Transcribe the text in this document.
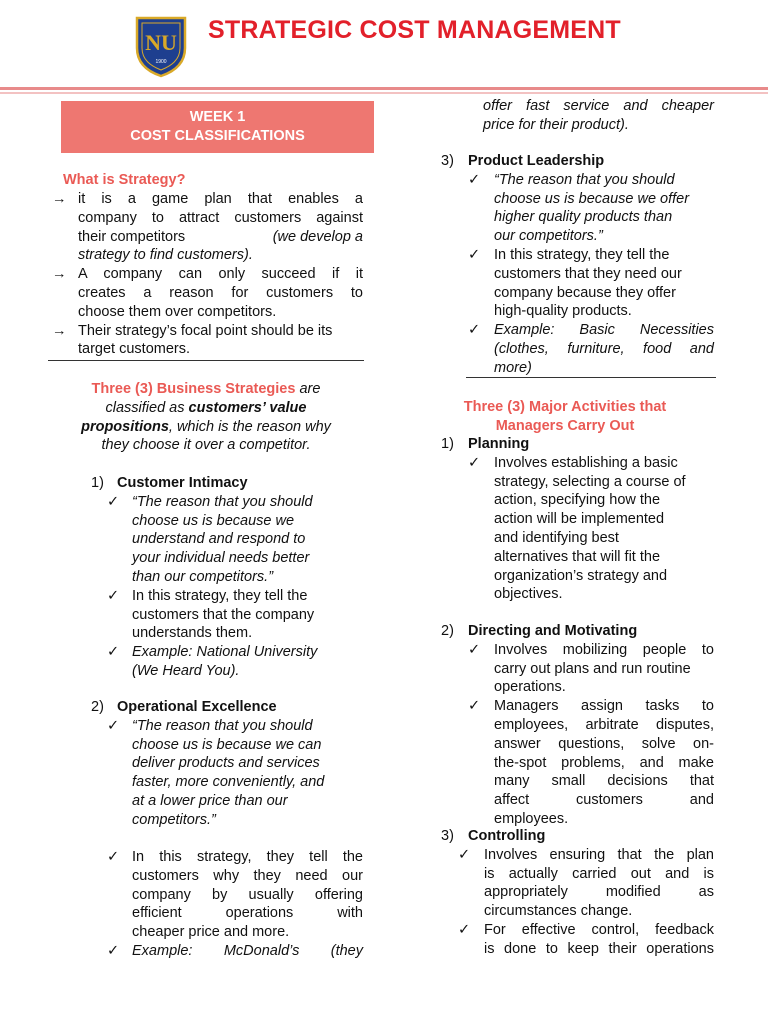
NU
1900
STRATEGIC COST MANAGEMENT
WEEK 1
COST CLASSIFICATIONS
What is Strategy?
→ it is a game plan that enables a
company to attract customers against
their competitors	(we develop a
strategy to find customers).
→ A company can only succeed if it
creates a reason for customers to
choose them over competitors.
→ Their strategy’s focal point should be its
target customers.
Three (3) Business Strategies are
classified as customers’ value
propositions, which is the reason why
they choose it over a competitor.
1) Customer Intimacy
✓ “The reason that you should
choose us is because we
understand and respond to
your individual needs better
than our competitors.”
✓ In this strategy, they tell the
customers that the company
understands them.
✓ Example: National University
(We Heard You).
2) Operational Excellence
✓ “The reason that you should
choose us is because we can
deliver products and services
faster, more conveniently, and
at a lower price than our
competitors.”
✓ In this strategy, they tell the
customers why they need our
company by usually offering
efficient operations with
cheaper price and more.
✓ Example: McDonald’s (they
offer fast service and cheaper
price for their product).
3) Product Leadership
✓ “The reason that you should
choose us is because we offer
higher quality products than
our competitors.”
✓ In this strategy, they tell the
customers that they need our
company because they offer
high-quality products.
✓ Example: Basic Necessities
(clothes, furniture, food and
more)
Three (3) Major Activities that
Managers Carry Out
1) Planning
✓ Involves establishing a basic
strategy, selecting a course of
action, specifying how the
action will be implemented
and identifying best
alternatives that will fit the
organization’s strategy and
objectives.
2) Directing and Motivating
✓ Involves mobilizing people to
carry out plans and run routine
operations.
✓ Managers assign tasks to
employees, arbitrate disputes,
answer questions, solve on-
the-spot problems, and make
many small decisions that
affect customers and
employees.
3) Controlling
✓ Involves ensuring that the plan
is actually carried out and is
appropriately modified as
circumstances change.
✓ For effective control, feedback
is done to keep their operations
